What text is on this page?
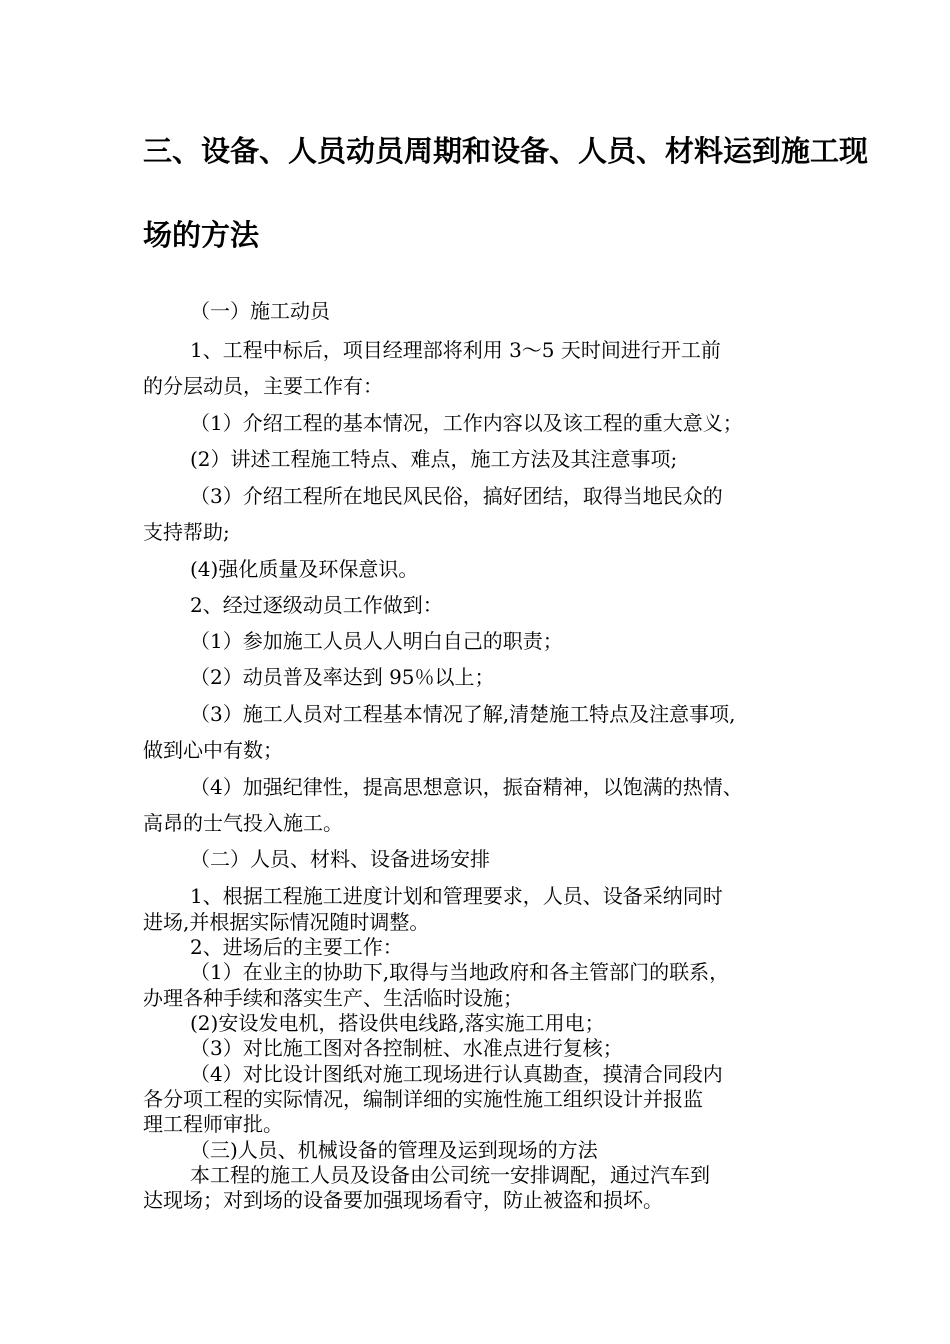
三、设备、人员动员周期和设备、人员、材料运到施工现
场的方法

（一）施工动员

1、工程中标后，项目经理部将利用 3～5 天时间进行开工前

的分层动员，主要工作有：

（1）介绍工程的基本情况，工作内容以及该工程的重大意义；

(2）讲述工程施工特点、难点，施工方法及其注意事项;

（3）介绍工程所在地民风民俗，搞好团结，取得当地民众的

支持帮助;

(4)强化质量及环保意识。

2、经过逐级动员工作做到：

（1）参加施工人员人人明白自己的职责；

（2）动员普及率达到 95％以上；

（3）施工人员对工程基本情况了解,清楚施工特点及注意事项,

做到心中有数；

（4）加强纪律性，提高思想意识，振奋精神，以饱满的热情、

高昂的士气投入施工。

（二）人员、材料、设备进场安排

1、根据工程施工进度计划和管理要求，人员、设备采纳同时

进场,并根据实际情况随时调整。

2、进场后的主要工作：

（1）在业主的协助下,取得与当地政府和各主管部门的联系，

办理各种手续和落实生产、生活临时设施；

(2)安设发电机，搭设供电线路,落实施工用电；

（3）对比施工图对各控制桩、水准点进行复核；

（4）对比设计图纸对施工现场进行认真勘查，摸清合同段内

各分项工程的实际情况，编制详细的实施性施工组织设计并报监

理工程师审批。

（三)人员、机械设备的管理及运到现场的方法

本工程的施工人员及设备由公司统一安排调配，通过汽车到

达现场；对到场的设备要加强现场看守，防止被盗和损坏。
